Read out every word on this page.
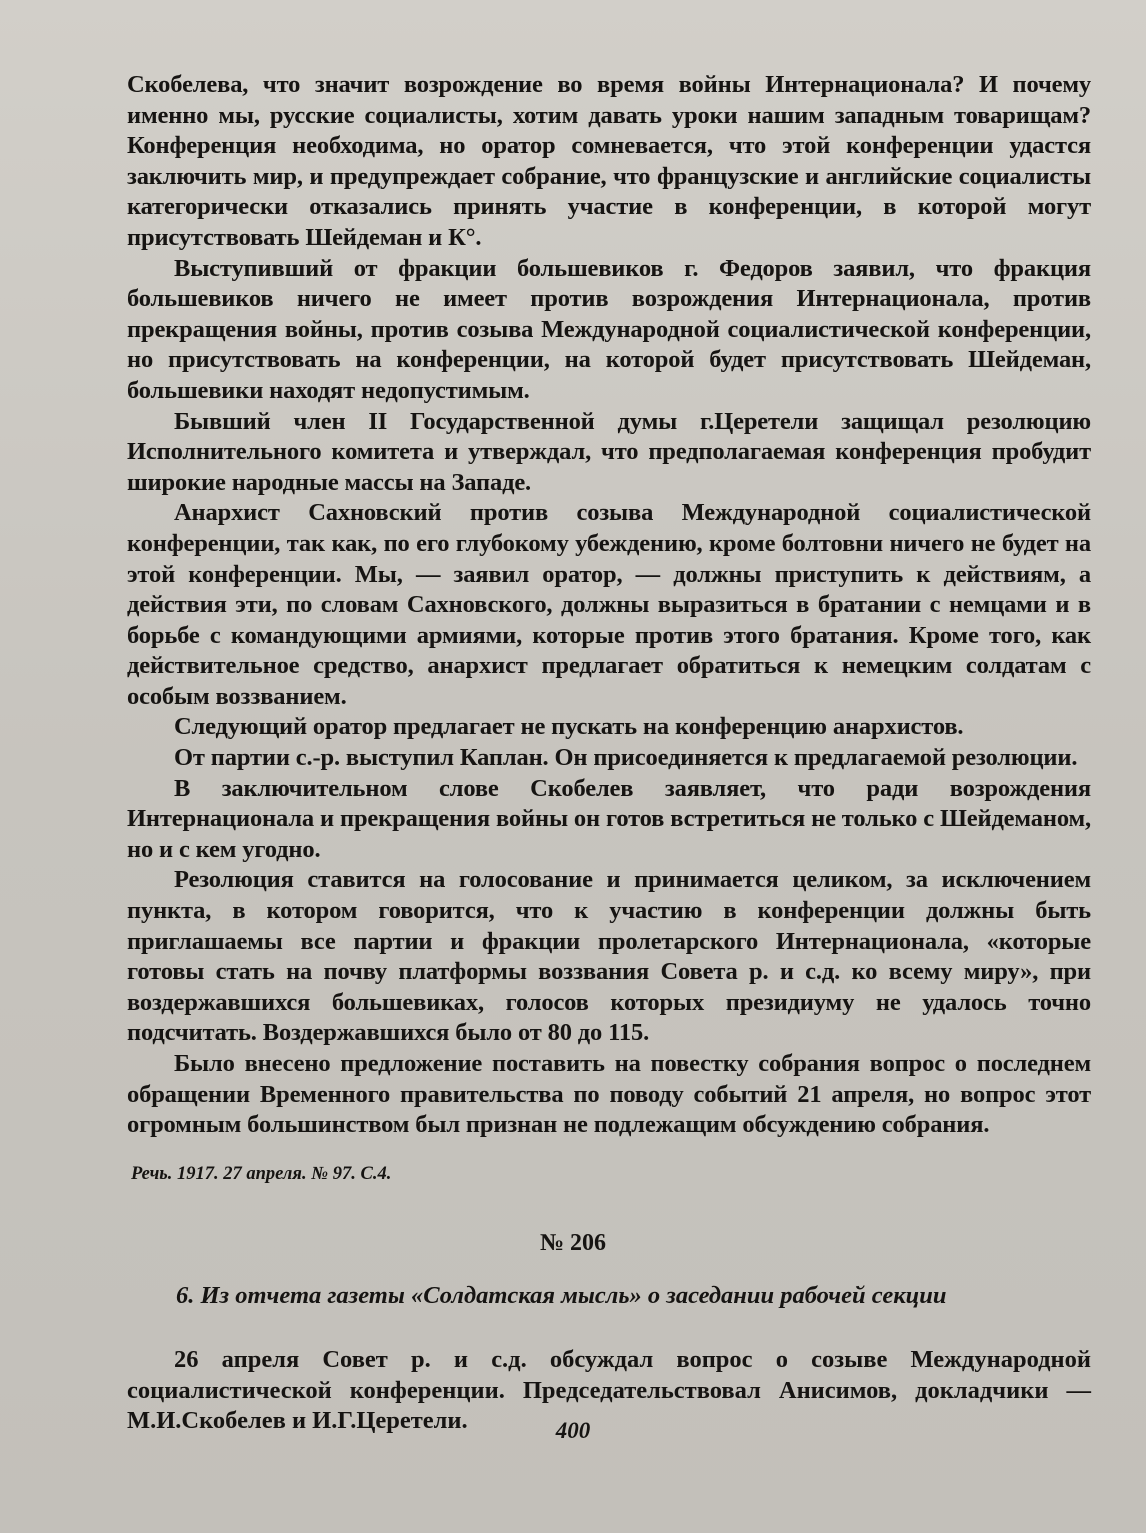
Скобелева, что значит возрождение во время войны Интернационала? И почему именно мы, русские социалисты, хотим давать уроки нашим западным товарищам? Конференция необходима, но оратор сомневается, что этой конференции удастся заключить мир, и предупреждает собрание, что французские и английские социалисты категорически отказались принять участие в конференции, в которой могут присутствовать Шейдеман и К°.

Выступивший от фракции большевиков г. Федоров заявил, что фракция большевиков ничего не имеет против возрождения Интернационала, против прекращения войны, против созыва Международной социалистической конференции, но присутствовать на конференции, на которой будет присутствовать Шейдеман, большевики находят недопустимым.

Бывший член II Государственной думы г.Церетели защищал резолюцию Исполнительного комитета и утверждал, что предполагаемая конференция пробудит широкие народные массы на Западе.

Анархист Сахновский против созыва Международной социалистической конференции, так как, по его глубокому убеждению, кроме болтовни ничего не будет на этой конференции. Мы, — заявил оратор, — должны приступить к действиям, а действия эти, по словам Сахновского, должны выразиться в братании с немцами и в борьбе с командующими армиями, которые против этого братания. Кроме того, как действительное средство, анархист предлагает обратиться к немецким солдатам с особым воззванием.

Следующий оратор предлагает не пускать на конференцию анархистов.

От партии с.-р. выступил Каплан. Он присоединяется к предлагаемой резолюции.

В заключительном слове Скобелев заявляет, что ради возрождения Интернационала и прекращения войны он готов встретиться не только с Шейдеманом, но и с кем угодно.

Резолюция ставится на голосование и принимается целиком, за исключением пункта, в котором говорится, что к участию в конференции должны быть приглашаемы все партии и фракции пролетарского Интернационала, «которые готовы стать на почву платформы воззвания Совета р. и с.д. ко всему миру», при воздержавшихся большевиках, голосов которых президиуму не удалось точно подсчитать. Воздержавшихся было от 80 до 115.

Было внесено предложение поставить на повестку собрания вопрос о последнем обращении Временного правительства по поводу событий 21 апреля, но вопрос этот огромным большинством был признан не подлежащим обсуждению собрания.

Речь. 1917. 27 апреля. № 97. С.4.
№ 206
6. Из отчета газеты «Солдатская мысль» о заседании рабочей секции
26 апреля Совет р. и с.д. обсуждал вопрос о созыве Международной социалистической конференции. Председательствовал Анисимов, докладчики — М.И.Скобелев и И.Г.Церетели.	400
